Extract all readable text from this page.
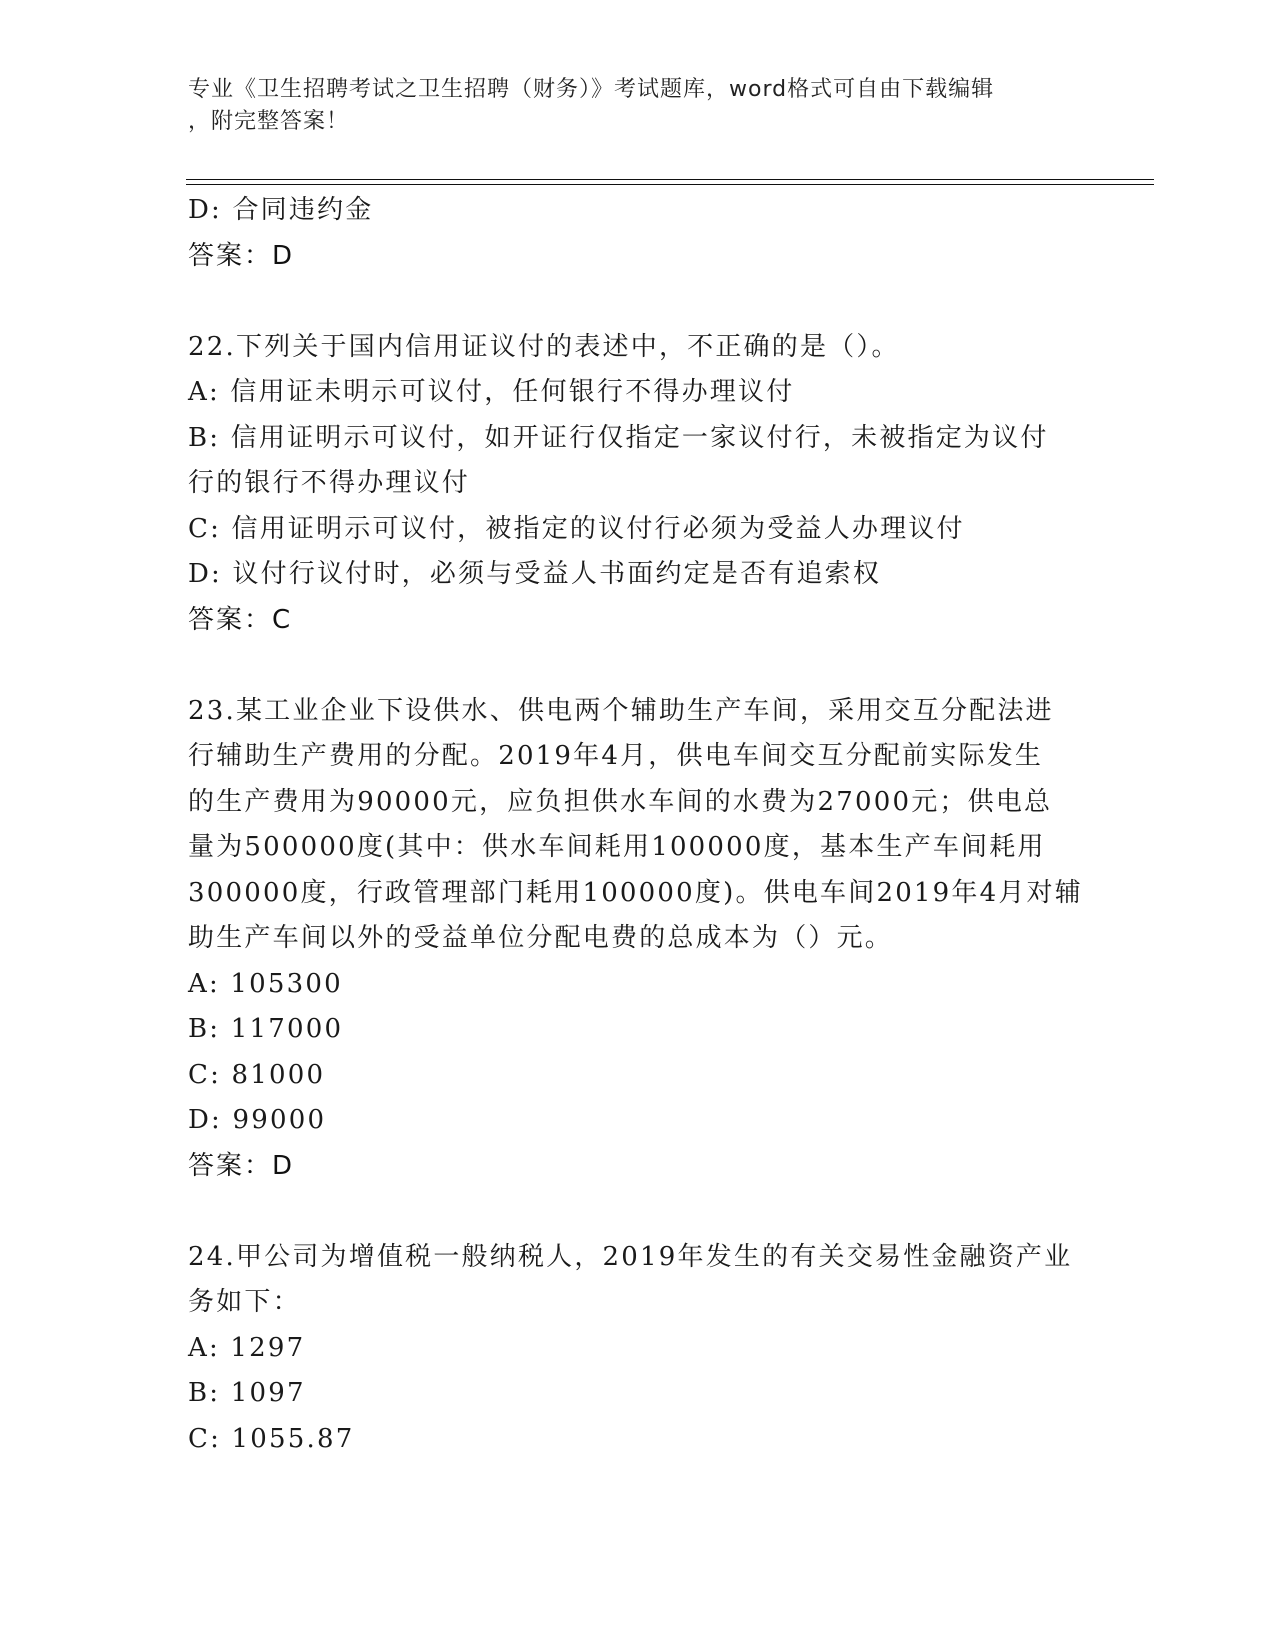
专业《卫生招聘考试之卫生招聘（财务）》考试题库，word格式可自由下载编辑
，附完整答案！
D: 合同违约金
答案：D
22.下列关于国内信用证议付的表述中，不正确的是（）。
A: 信用证未明示可议付，任何银行不得办理议付
B: 信用证明示可议付，如开证行仅指定一家议付行，未被指定为议付
行的银行不得办理议付
C: 信用证明示可议付，被指定的议付行必须为受益人办理议付
D: 议付行议付时，必须与受益人书面约定是否有追索权
答案：C
23.某工业企业下设供水、供电两个辅助生产车间，采用交互分配法进
行辅助生产费用的分配。2019年4月，供电车间交互分配前实际发生
的生产费用为90000元，应负担供水车间的水费为27000元；供电总
量为500000度(其中：供水车间耗用100000度，基本生产车间耗用
300000度，行政管理部门耗用100000度)。供电车间2019年4月对辅
助生产车间以外的受益单位分配电费的总成本为（）元。
A: 105300
B: 117000
C: 81000
D: 99000
答案：D
24.甲公司为增值税一般纳税人，2019年发生的有关交易性金融资产业
务如下：
A: 1297
B: 1097
C: 1055.87
